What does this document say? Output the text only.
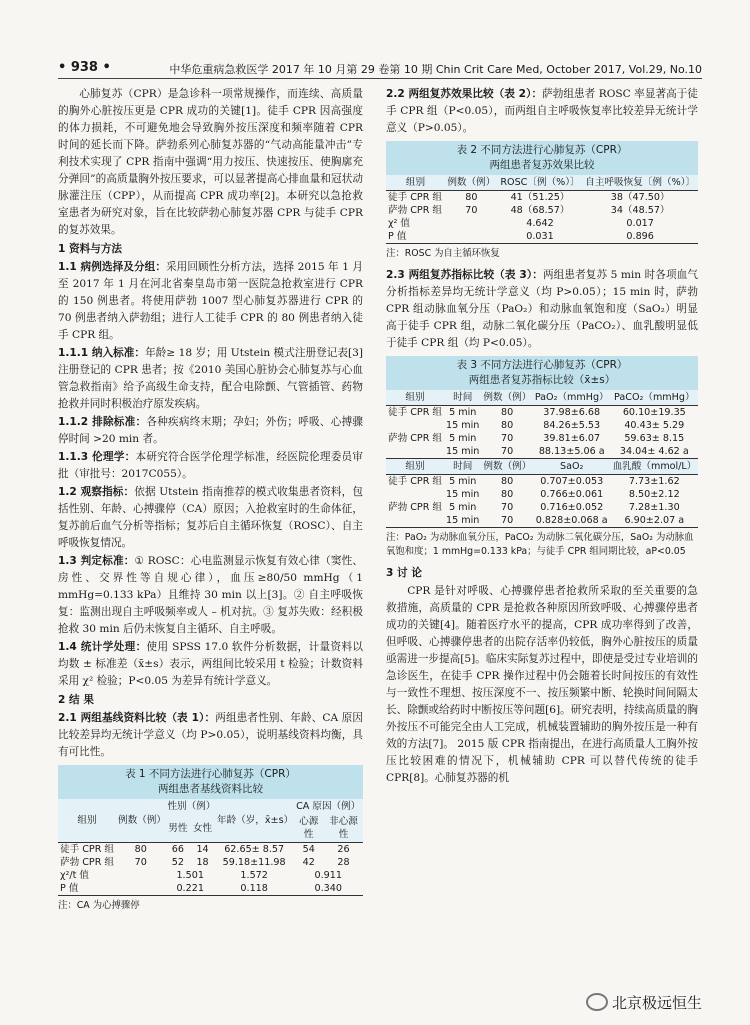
• 938 •	中华危重病急救医学 2017 年 10 月第 29 卷第 10 期 Chin Crit Care Med, October 2017, Vol.29, No.10

心肺复苏（CPR）是急诊科一项常规操作，而连续、高质量的胸外心脏按压更是 CPR 成功的关键[1]。徒手 CPR 因高强度的体力损耗，不可避免地会导致胸外按压深度和频率随着 CPR 时间的延长而下降。萨勃系列心肺复苏器的“气动高能量冲击”专利技术实现了 CPR 指南中强调“用力按压、快速按压、使胸廓充分弹回”的高质量胸外按压要求，可以显著提高心排血量和冠状动脉灌注压（CPP），从而提高 CPR 成功率[2]。本研究以急抢救室患者为研究对象，旨在比较萨勃心肺复苏器 CPR 与徒手 CPR 的复苏效果。

1 资料与方法

1.1 病例选择及分组：采用回顾性分析方法，选择 2015 年 1 月至 2017 年 1 月在河北省秦皇岛市第一医院急抢救室进行 CPR 的 150 例患者。将使用萨勃 1007 型心肺复苏器进行 CPR 的 70 例患者纳入萨勃组；进行人工徒手 CPR 的 80 例患者纳入徒手 CPR 组。

1.1.1 纳入标准：年龄≥ 18 岁；用 Utstein 模式注册登记表[3]注册登记的 CPR 患者；按《2010 美国心脏协会心肺复苏与心血管急救指南》给予高级生命支持，配合电除颤、气管插管、药物抢救并同时积极治疗原发疾病。

1.1.2 排除标准：各种疾病终末期；孕妇；外伤；呼吸、心搏骤停时间 >20 min 者。

1.1.3 伦理学：本研究符合医学伦理学标准，经医院伦理委员审批（审批号：2017C055）。

1.2 观察指标：依据 Utstein 指南推荐的模式收集患者资料，包括性别、年龄、心搏骤停（CA）原因；入抢救室时的生命体征，复苏前后血气分析等指标；复苏后自主循环恢复（ROSC）、自主呼吸恢复情况。

1.3 判定标准：① ROSC：心电监测显示恢复有效心律（窦性、房性、交界性等自规心律），血压≥80/50 mmHg（1 mmHg=0.133 kPa）且维持 30 min 以上[3]。② 自主呼吸恢复：监测出现自主呼吸频率或人 – 机对抗。③ 复苏失败：经积极抢救 30 min 后仍未恢复自主循环、自主呼吸。

1.4 统计学处理：使用 SPSS 17.0 软件分析数据，计量资料以均数 ± 标准差（x̄±s）表示，两组间比较采用 t 检验；计数资料采用 χ² 检验；P<0.05 为差异有统计学意义。

2 结 果

2.1 两组基线资料比较（表 1）：两组患者性别、年龄、CA 原因比较差异均无统计学意义（均 P>0.05），说明基线资料均衡，具有可比性。

表 1 不同方法进行心肺复苏（CPR）
两组患者基线资料比较
组别	例数（例）	性别（例）		年龄（岁，x̄±s）	CA 原因（例）	
		男性	女性		心源性	非心源性
徒手 CPR 组	80	66	14	62.65± 8.57	54	26
萨勃 CPR 组	70	52	18	59.18±11.98	42	28
χ²/t 值		1.501		1.572	0.911	
P 值		0.221		0.118	0.340	
注：CA 为心搏骤停

2.2 两组复苏效果比较（表 2）：萨勃组患者 ROSC 率显著高于徒手 CPR 组（P<0.05），而两组自主呼吸恢复率比较差异无统计学意义（P>0.05）。

表 2 不同方法进行心肺复苏（CPR）
两组患者复苏效果比较
组别	例数（例）	ROSC〔例（%）〕	自主呼吸恢复〔例（%）〕
徒手 CPR 组	80	41（51.25）	38（47.50）
萨勃 CPR 组	70	48（68.57）	34（48.57）
χ² 值		4.642	0.017
P 值		0.031	0.896
注：ROSC 为自主循环恢复

2.3 两组复苏指标比较（表 3）：两组患者复苏 5 min 时各项血气分析指标差异均无统计学意义（均 P>0.05）；15 min 时，萨勃 CPR 组动脉血氧分压（PaO₂）和动脉血氧饱和度（SaO₂）明显高于徒手 CPR 组，动脉二氧化碳分压（PaCO₂）、血乳酸明显低于徒手 CPR 组（均 P<0.05）。

表 3 不同方法进行心肺复苏（CPR）
两组患者复苏指标比较（x̄±s）
组别	时间	例数（例）	PaO₂（mmHg）	PaCO₂（mmHg）
徒手 CPR 组	5 min	80	37.98±6.68	60.10±19.35
	15 min	80	84.26±5.53	40.43± 5.29
萨勃 CPR 组	5 min	70	39.81±6.07	59.63± 8.15
	15 min	70	88.13±5.06 a	34.04± 4.62 a
组别	时间	例数（例）	SaO₂	血乳酸（mmol/L）
徒手 CPR 组	5 min	80	0.707±0.053	7.73±1.62
	15 min	80	0.766±0.061	8.50±2.12
萨勃 CPR 组	5 min	70	0.716±0.052	7.28±1.30
	15 min	70	0.828±0.068 a	6.90±2.07 a
注：PaO₂ 为动脉血氧分压，PaCO₂ 为动脉二氧化碳分压，SaO₂ 为动脉血氧饱和度；1 mmHg=0.133 kPa；与徒手 CPR 组同期比较，aP<0.05

3 讨 论

CPR 是针对呼吸、心搏骤停患者抢救所采取的至关重要的急救措施，高质量的 CPR 是抢救各种原因所致呼吸、心搏骤停患者成功的关键[4]。随着医疗水平的提高，CPR 成功率得到了改善，但呼吸、心搏骤停患者的出院存活率仍较低，胸外心脏按压的质量亟需进一步提高[5]。临床实际复苏过程中，即使是受过专业培训的急诊医生，在徒手 CPR 操作过程中仍会随着长时间按压的有效性与一致性不理想、按压深度不一、按压频繁中断、轮换时间间隔太长、除颤或给药时中断按压等问题[6]。研究表明，持续高质量的胸外按压不可能完全由人工完成，机械装置辅助的胸外按压是一种有效的方法[7]。 2015 版 CPR 指南提出，在进行高质量人工胸外按压比较困难的情况下，机械辅助 CPR 可以替代传统的徒手 CPR[8]。心肺复苏器的机

北京极远恒生
